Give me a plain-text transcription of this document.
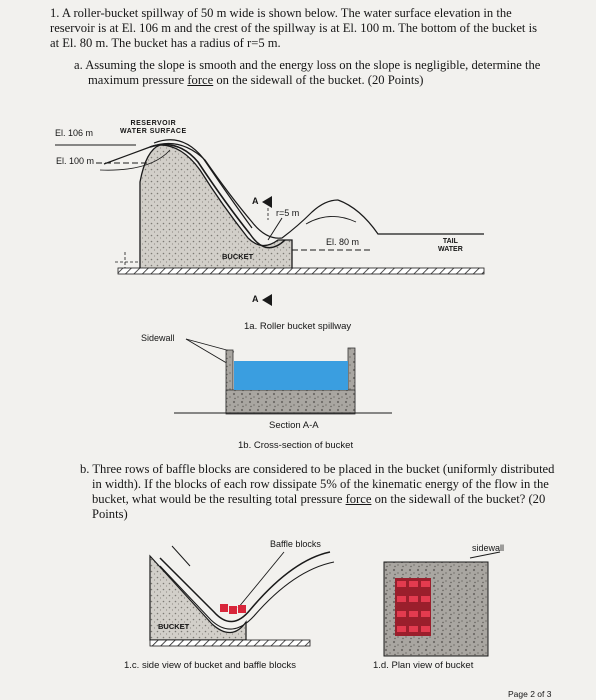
1. A roller-bucket spillway of 50 m wide is shown below. The water surface elevation in the
reservoir is at El. 106 m and the crest of the spillway is at El. 100 m. The bottom of the bucket is
at El. 80 m. The bucket has a radius of r=5 m.
a. Assuming the slope is smooth and the energy loss on the slope is negligible, determine the
maximum pressure force on the sidewall of the bucket. (20 Points)
RESERVOIR
WATER SURFACE
El. 106 m
El. 100 m
r=5 m
El. 80 m
BUCKET
TAIL
WATER
A
A
1a. Roller bucket spillway
Sidewall
Section A-A
1b. Cross-section of bucket
b. Three rows of baffle blocks are considered to be placed in the bucket (uniformly distributed
in width). If the blocks of each row dissipate 5% of the kinematic energy of the flow in the
bucket, what would be the resulting total pressure force on the sidewall of the bucket? (20
Points)
Baffle blocks
BUCKET
1.c. side view of bucket and baffle blocks
sidewall
1.d. Plan view of bucket
Page 2 of 3
